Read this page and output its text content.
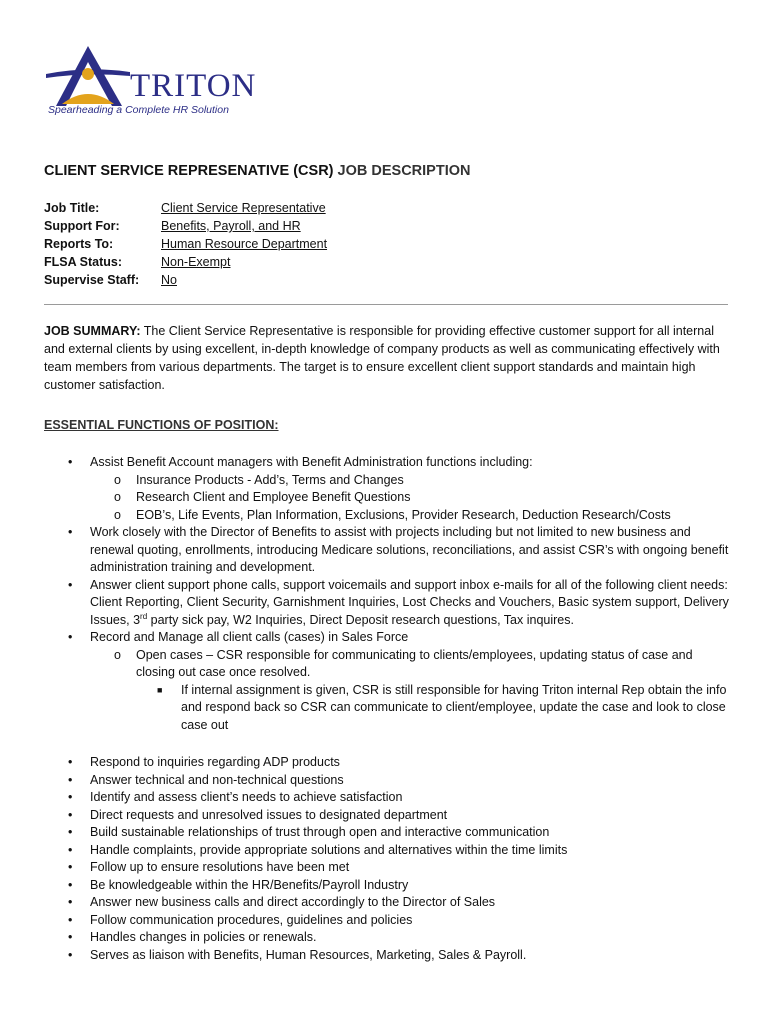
TRITON
Spearheading a Complete HR Solution
CLIENT SERVICE REPRESENATIVE (CSR) JOB DESCRIPTION
Job Title:	Client Service Representative
Support For:	Benefits, Payroll, and HR
Reports To:	Human Resource Department
FLSA Status:	Non-Exempt
Supervise Staff: No
JOB SUMMARY: The Client Service Representative is responsible for providing effective customer support for all internal and external clients by using excellent, in-depth knowledge of company products as well as communicating effectively with team members from various departments. The target is to ensure excellent client support standards and maintain high customer satisfaction.
ESSENTIAL FUNCTIONS OF POSITION:
• Assist Benefit Account managers with Benefit Administration functions including:
o Insurance Products - Add’s, Terms and Changes
o Research Client and Employee Benefit Questions
o EOB’s, Life Events, Plan Information, Exclusions, Provider Research, Deduction Research/Costs
• Work closely with the Director of Benefits to assist with projects including but not limited to new business and renewal quoting, enrollments, introducing Medicare solutions, reconciliations, and assist CSR’s with ongoing benefit administration training and development.
• Answer client support phone calls, support voicemails and support inbox e-mails for all of the following client needs: Client Reporting, Client Security, Garnishment Inquiries, Lost Checks and Vouchers, Basic system support, Delivery Issues, 3rd party sick pay, W2 Inquiries, Direct Deposit research questions, Tax inquires.
• Record and Manage all client calls (cases) in Sales Force
o Open cases – CSR responsible for communicating to clients/employees, updating status of case and closing out case once resolved.
■ If internal assignment is given, CSR is still responsible for having Triton internal Rep obtain the info and respond back so CSR can communicate to client/employee, update the case and look to close case out
• Respond to inquiries regarding ADP products
• Answer technical and non-technical questions
• Identify and assess client’s needs to achieve satisfaction
• Direct requests and unresolved issues to designated department
• Build sustainable relationships of trust through open and interactive communication
• Handle complaints, provide appropriate solutions and alternatives within the time limits
• Follow up to ensure resolutions have been met
• Be knowledgeable within the HR/Benefits/Payroll Industry
• Answer new business calls and direct accordingly to the Director of Sales
• Follow communication procedures, guidelines and policies
• Handles changes in policies or renewals.
• Serves as liaison with Benefits, Human Resources, Marketing, Sales & Payroll.
